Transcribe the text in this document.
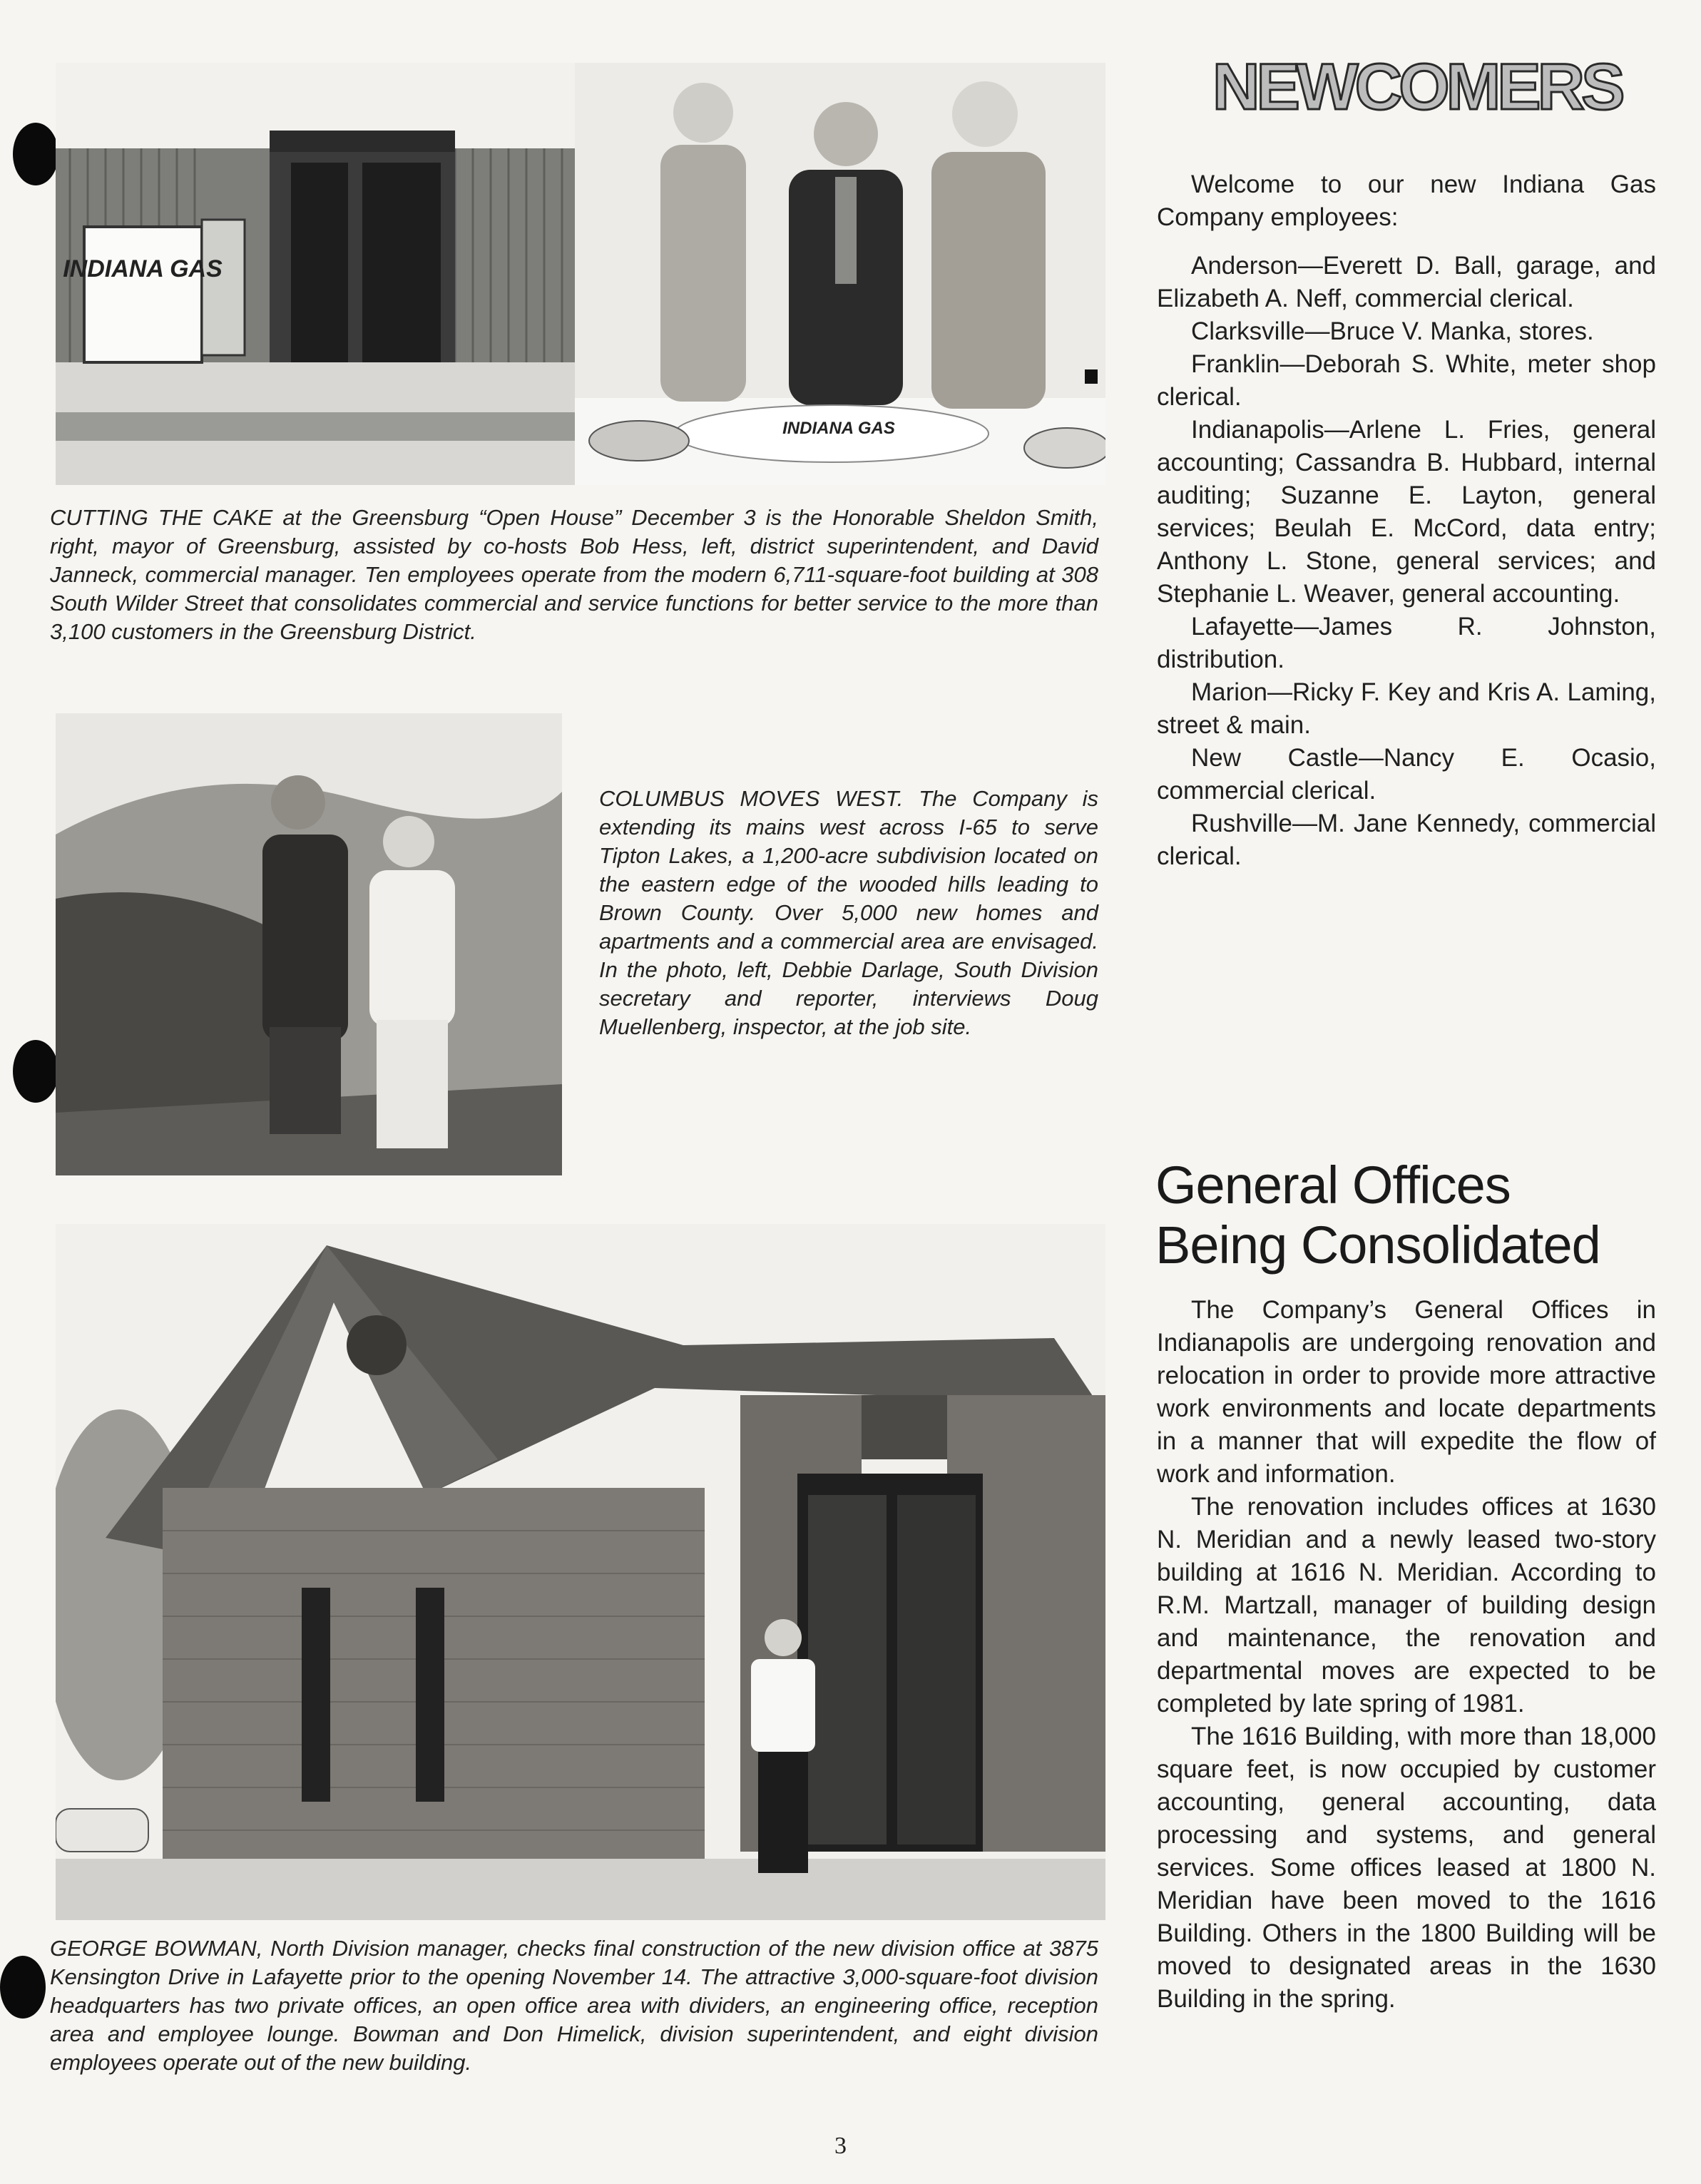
INDIANA GAS
INDIANA GAS
CUTTING THE CAKE at the Greensburg “Open House” December 3 is the Honorable Sheldon Smith, right, mayor of Greensburg, assisted by co-hosts Bob Hess, left, district superintendent, and David Janneck, commercial manager. Ten employees operate from the modern 6,711-square-foot building at 308 South Wilder Street that consolidates commercial and service functions for better service to the more than 3,100 customers in the Greensburg District.
COLUMBUS MOVES WEST. The Company is extending its mains west across I-65 to serve Tipton Lakes, a 1,200-acre subdivision located on the eastern edge of the wooded hills leading to Brown County. Over 5,000 new homes and apartments and a commercial area are envisaged. In the photo, left, Debbie Darlage, South Division secretary and reporter, interviews Doug Muellenberg, inspector, at the job site.
GEORGE BOWMAN, North Division manager, checks final construction of the new division office at 3875 Kensington Drive in Lafayette prior to the opening November 14. The attractive 3,000-square-foot division headquarters has two private offices, an open office area with dividers, an engineering office, reception area and employee lounge. Bowman and Don Himelick, division superintendent, and eight division employees operate out of the new building.
NEWCOMERS

Welcome to our new Indiana Gas Company employees:

Anderson—Everett D. Ball, garage, and Elizabeth A. Neff, commercial clerical.

Clarksville—Bruce V. Manka, stores.

Franklin—Deborah S. White, meter shop clerical.

Indianapolis—Arlene L. Fries, general accounting; Cassandra B. Hubbard, internal auditing; Suzanne E. Layton, general services; Beulah E. McCord, data entry; Anthony L. Stone, general services; and Stephanie L. Weaver, general accounting.

Lafayette—James R. Johnston, distribution.

Marion—Ricky F. Key and Kris A. Laming, street & main.

New Castle—Nancy E. Ocasio, commercial clerical.

Rushville—M. Jane Kennedy, commercial clerical.

General Offices
Being Consolidated

The Company’s General Offices in Indianapolis are undergoing renovation and relocation in order to provide more attractive work environments and locate departments in a manner that will expedite the flow of work and information.

The renovation includes offices at 1630 N. Meridian and a newly leased two-story building at 1616 N. Meridian. According to R.M. Martzall, manager of building design and maintenance, the renovation and departmental moves are expected to be completed by late spring of 1981.

The 1616 Building, with more than 18,000 square feet, is now occupied by customer accounting, general accounting, data processing and systems, and general services. Some offices leased at 1800 N. Meridian have been moved to the 1616 Building. Others in the 1800 Building will be moved to designated areas in the 1630 Building in the spring.

3
